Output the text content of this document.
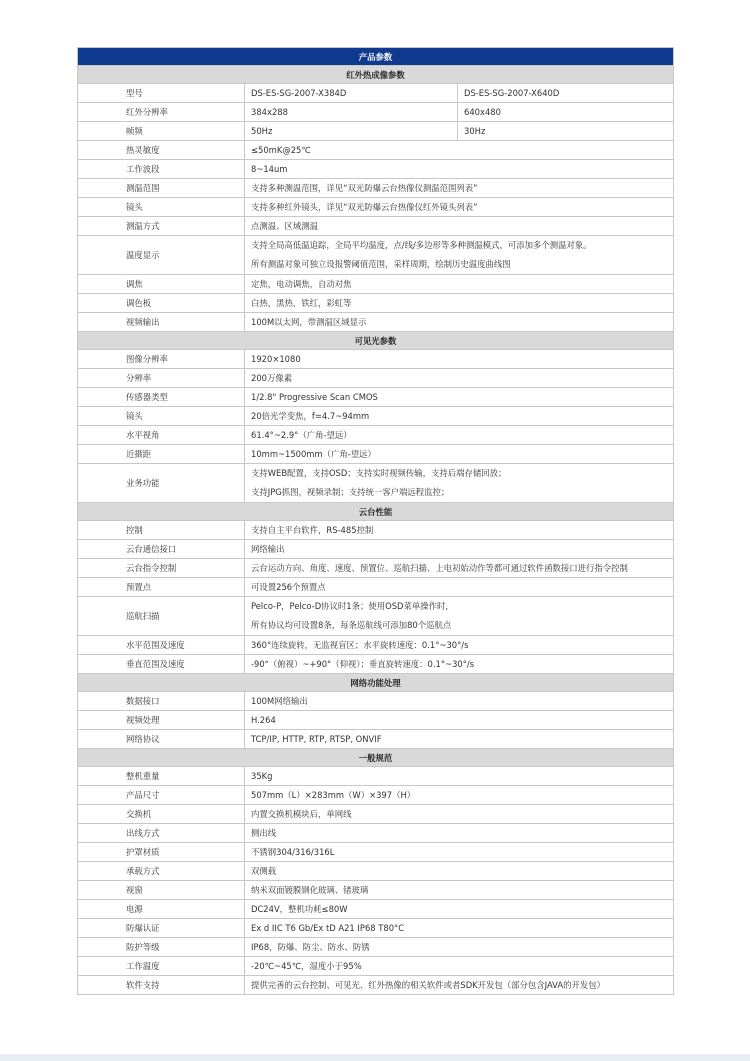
产品参数		
红外热成像参数		
型号	DS-ES-SG-2007-X384D	DS-ES-SG-2007-X640D
红外分辨率	384x288	640x480
帧频	50Hz	30Hz
热灵敏度	≤50mK@25℃	
工作波段	8~14um	
测温范围	支持多种测温范围，详见“双光防爆云台热像仪测温范围列表”	
镜头	支持多种红外镜头，详见“双光防爆云台热像仪红外镜头列表”	
测温方式	点测温、区域测温	
温度显示	支持全局高低温追踪，全局平均温度，点/线/多边形等多种测温模式，可添加多个测温对象。
所有测温对象可独立设报警阈值范围，采样周期，绘制历史温度曲线图	

调焦	定焦，电动调焦，自动对焦	
调色板	白热，黑热，铁红，彩虹等	
视频输出	100M以太网，带测温区域显示	
可见光参数		
图像分辨率	1920×1080	
分辨率	200万像素	
传感器类型	1/2.8" Progressive Scan CMOS	
镜头	20倍光学变焦，f=4.7~94mm	
水平视角	61.4°~2.9°（广角-望远）	
近摄距	10mm~1500mm（广角-望远）	
业务功能	支持WEB配置，支持OSD；支持实时视频传输，支持后端存储回放；
支持JPG抓图，视频录制；支持统一客户端远程监控；	

云台性能		
控制	支持自主平台软件，RS-485控制	
云台通信接口	网络输出	
云台指令控制	云台运动方向、角度、速度、预置位、巡航扫描、上电初始动作等都可通过软件函数接口进行指令控制	
预置点	可设置256个预置点	
巡航扫描	Pelco-P，Pelco-D协议时1条；使用OSD菜单操作时，
所有协议均可设置8条，每条巡航线可添加80个巡航点	

水平范围及速度	360°连续旋转，无监视盲区；水平旋转速度：0.1°~30°/s	
垂直范围及速度	-90°（俯视）~+90°（仰视）；垂直旋转速度：0.1°~30°/s	
网络功能处理		
数据接口	100M网络输出	
视频处理	H.264	
网络协议	TCP/IP, HTTP, RTP, RTSP, ONVIF	
一般规范		
整机重量	35Kg	
产品尺寸	507mm（L）×283mm（W）×397（H）	
交换机	内置交换机模块后，单网线	
出线方式	侧出线	
护罩材质	不锈钢304/316/316L	
承载方式	双侧载	
视窗	纳米双面镀膜钢化玻璃、锗玻璃	
电源	DC24V，整机功耗≤80W	
防爆认证	Ex d IIC T6 Gb/Ex tD A21 IP68 T80°C	
防护等级	IP68，防爆、防尘、防水、防锈	
工作温度	-20℃~45℃，湿度小于95%	
软件支持	提供完善的云台控制、可见光、红外热像的相关软件或者SDK开发包（部分包含JAVA的开发包）	
